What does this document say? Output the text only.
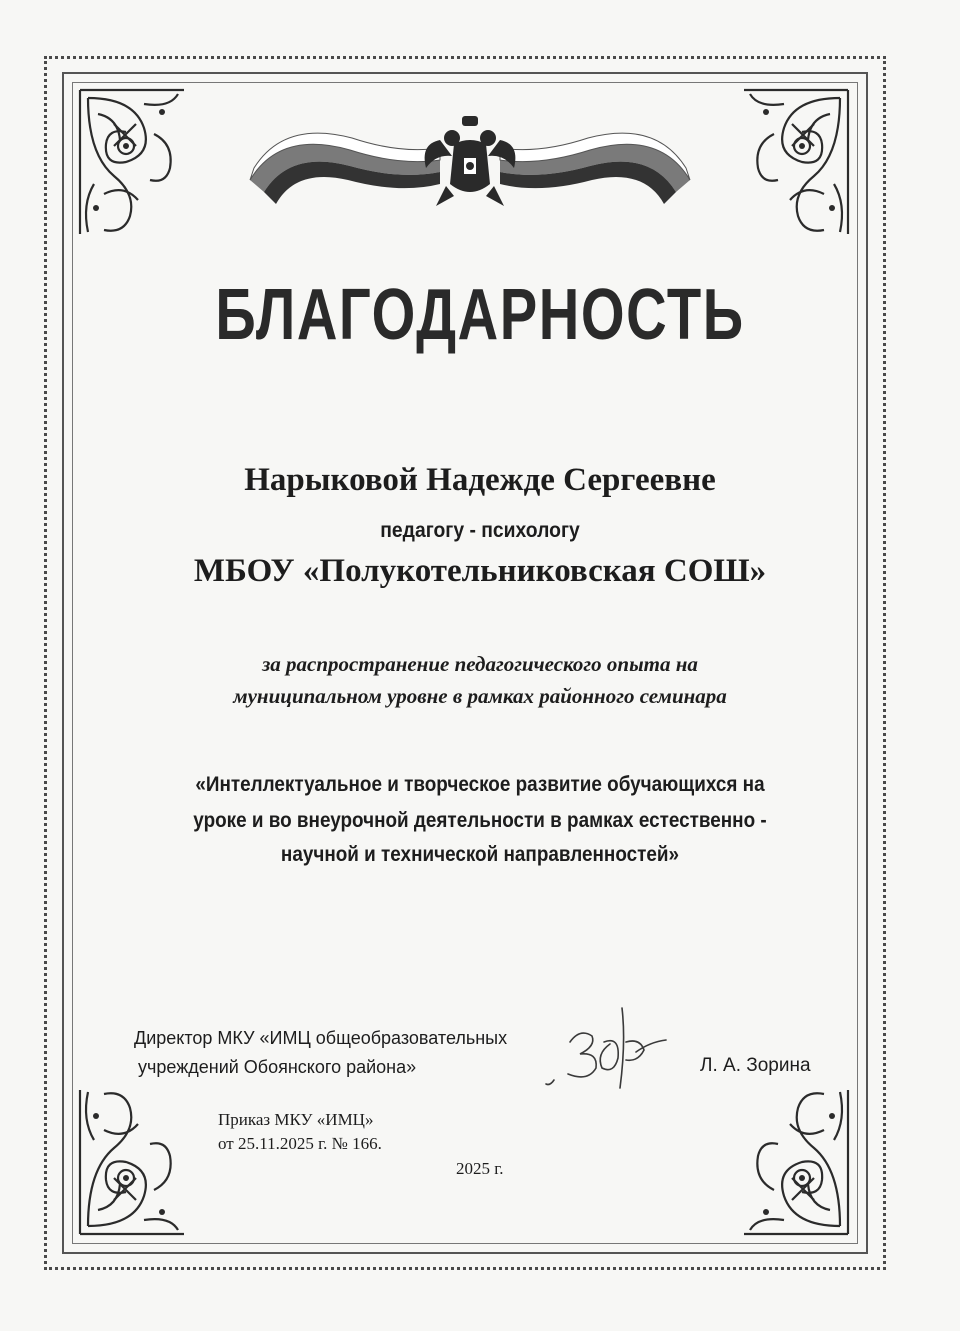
БЛАГОДАРНОСТЬ
Нарыковой Надежде Сергеевне
педагогу - психологу
МБОУ «Полукотельниковская СОШ»
за распространение педагогического опыта на
муниципальном уровне в рамках районного семинара
«Интеллектуальное и творческое развитие обучающихся на
уроке и во внеурочной деятельности в рамках естественно -
научной и технической направленностей»
Директор МКУ «ИМЦ общеобразовательных
учреждений Обоянского района»	Л. А. Зорина
Приказ МКУ «ИМЦ»
от 25.11.2025 г. № 166.
2025 г.
